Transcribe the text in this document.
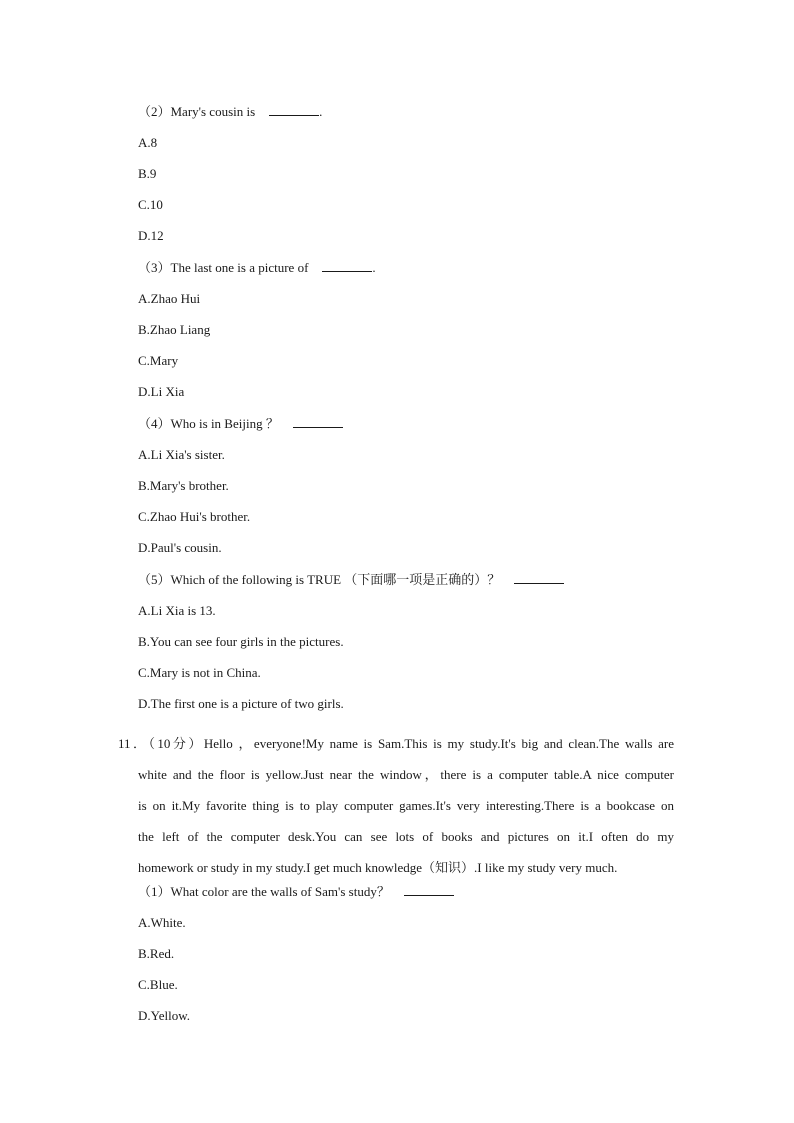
（2）Mary's cousin is	.
A.8
B.9
C.10
D.12
（3）The last one is a picture of	.
A.Zhao Hui
B.Zhao Liang
C.Mary
D.Li Xia
（4）Who is in Beijing ？
A.Li Xia's sister.
B.Mary's brother.
C.Zhao Hui's brother.
D.Paul's cousin.
（5）Which of the following is TRUE （下面哪一项是正确的）？
A.Li Xia is 13.
B.You can see four girls in the pictures.
C.Mary is not in China.
D.The first one is a picture of two girls.
11．（10分）Hello ，everyone!My name is Sam.This is my study.It's big and clean.The walls are
white and the floor is yellow.Just near the window，there is a computer table.A nice computer
is on it.My favorite thing is to play computer games.It's very interesting.There is a bookcase on
the left of the computer desk.You can see lots of books and pictures on it.I often do my
homework or study in my study.I get much knowledge（知识）.I like my study very much.
（1）What color are the walls of Sam's study？
A.White.
B.Red.
C.Blue.
D.Yellow.
